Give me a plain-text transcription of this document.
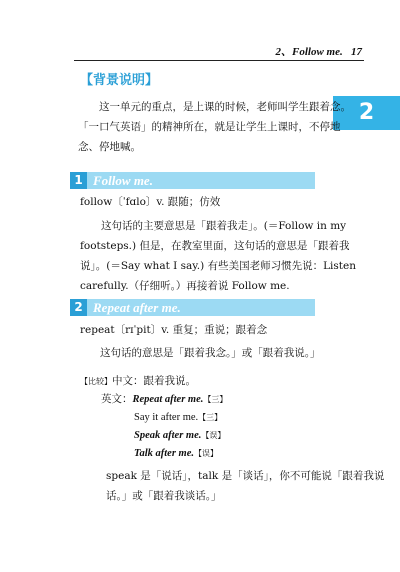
2、Follow me. 17
2
【背景说明】
这一单元的重点，是上课的时候，老师叫学生跟着念。
「一口气英语」的精神所在，就是让学生上课时，不停地
念、停地喊。
1 Follow me.
follow〔ˈfɑlo〕v. 跟随；仿效
这句话的主要意思是「跟着我走」。(＝Follow in my
footsteps.) 但是，在教室里面，这句话的意思是「跟着我
说」。(＝Say what I say.) 有些美国老师习惯先说：Listen
carefully.（仔细听。）再接着说 Follow me.
2 Repeat after me.
repeat〔rɪˈpit〕v. 重复；重说；跟着念
这句话的意思是「跟着我念。」或「跟着我说。」
【比较】中文：跟着我说。
英文：Repeat after me.【三】
Say it after me.【三】
Speak after me.【误】
Talk after me.【误】
speak 是「说话」，talk 是「谈话」，你不可能说「跟着我说
话。」或「跟着我谈话。」
